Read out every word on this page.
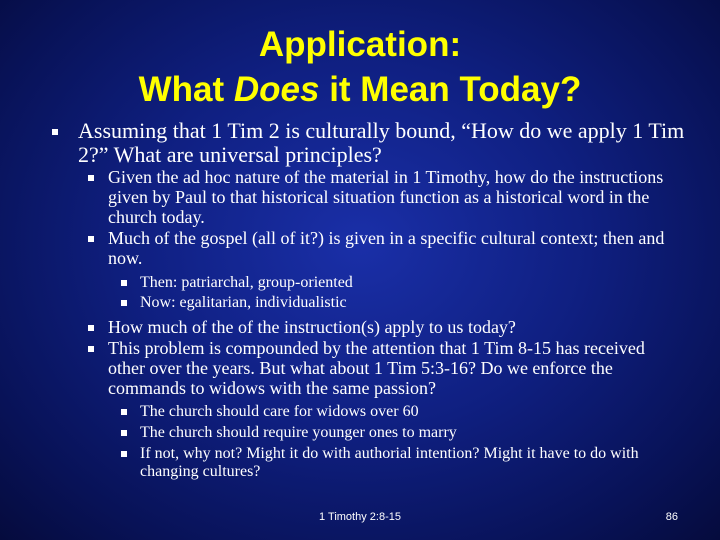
Application:
What Does it Mean Today?
Assuming that 1 Tim 2 is culturally bound, “How do we apply 1 Tim 2?” What are universal principles?
Given the ad hoc nature of the material in 1 Timothy, how do the instructions given by Paul to that historical situation function as a historical word in the church today.
Much of the gospel (all of it?) is given in a specific cultural context; then and now.
Then: patriarchal, group-oriented
Now: egalitarian, individualistic
How much of the of the instruction(s) apply to us today?
This problem is compounded by the attention that 1 Tim 8-15 has received other over the years. But what about 1 Tim 5:3-16? Do we enforce the commands to widows with the same passion?
The church should care for widows over 60
The church should require younger ones to marry
If not, why not? Might it do with authorial intention? Might it have to do with changing cultures?
1 Timothy 2:8-15	86
